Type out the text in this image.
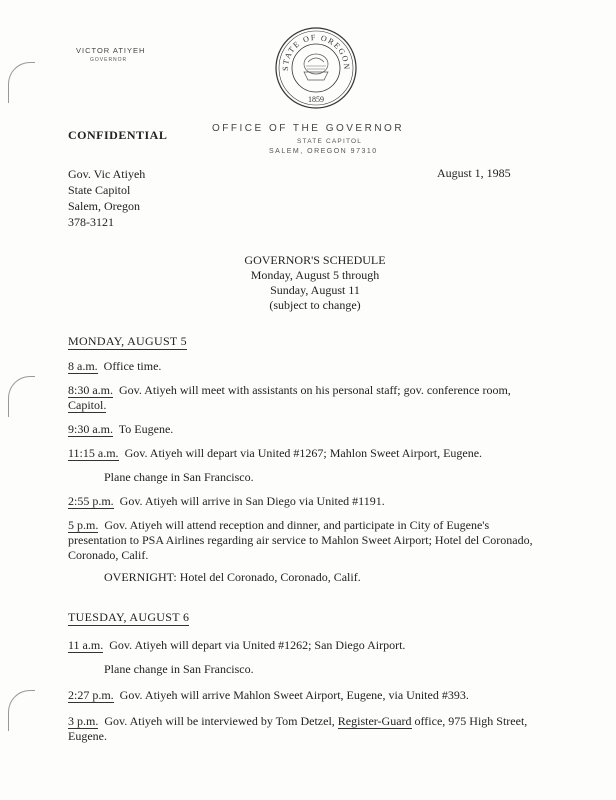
VICTOR ATIYEH
GOVERNOR
STATE OF OREGON
1859
CONFIDENTIAL	OFFICE OF THE GOVERNOR
STATE CAPITOL
SALEM, OREGON 97310
Gov. Vic Atiyeh
State Capitol
Salem, Oregon
378-3121
August 1, 1985
GOVERNOR'S SCHEDULE
Monday, August 5 through
Sunday, August 11
(subject to change)
MONDAY, AUGUST 5
8 a.m. Office time.
8:30 a.m. Gov. Atiyeh will meet with assistants on his personal staff; gov. conference room,
Capitol.
9:30 a.m. To Eugene.
11:15 a.m. Gov. Atiyeh will depart via United #1267; Mahlon Sweet Airport, Eugene.
Plane change in San Francisco.
2:55 p.m. Gov. Atiyeh will arrive in San Diego via United #1191.
5 p.m. Gov. Atiyeh will attend reception and dinner, and participate in City of Eugene's
presentation to PSA Airlines regarding air service to Mahlon Sweet Airport; Hotel del Coronado,
Coronado, Calif.
OVERNIGHT: Hotel del Coronado, Coronado, Calif.
TUESDAY, AUGUST 6
11 a.m. Gov. Atiyeh will depart via United #1262; San Diego Airport.
Plane change in San Francisco.
2:27 p.m. Gov. Atiyeh will arrive Mahlon Sweet Airport, Eugene, via United #393.
3 p.m. Gov. Atiyeh will be interviewed by Tom Detzel, Register-Guard office, 975 High Street,
Eugene.
